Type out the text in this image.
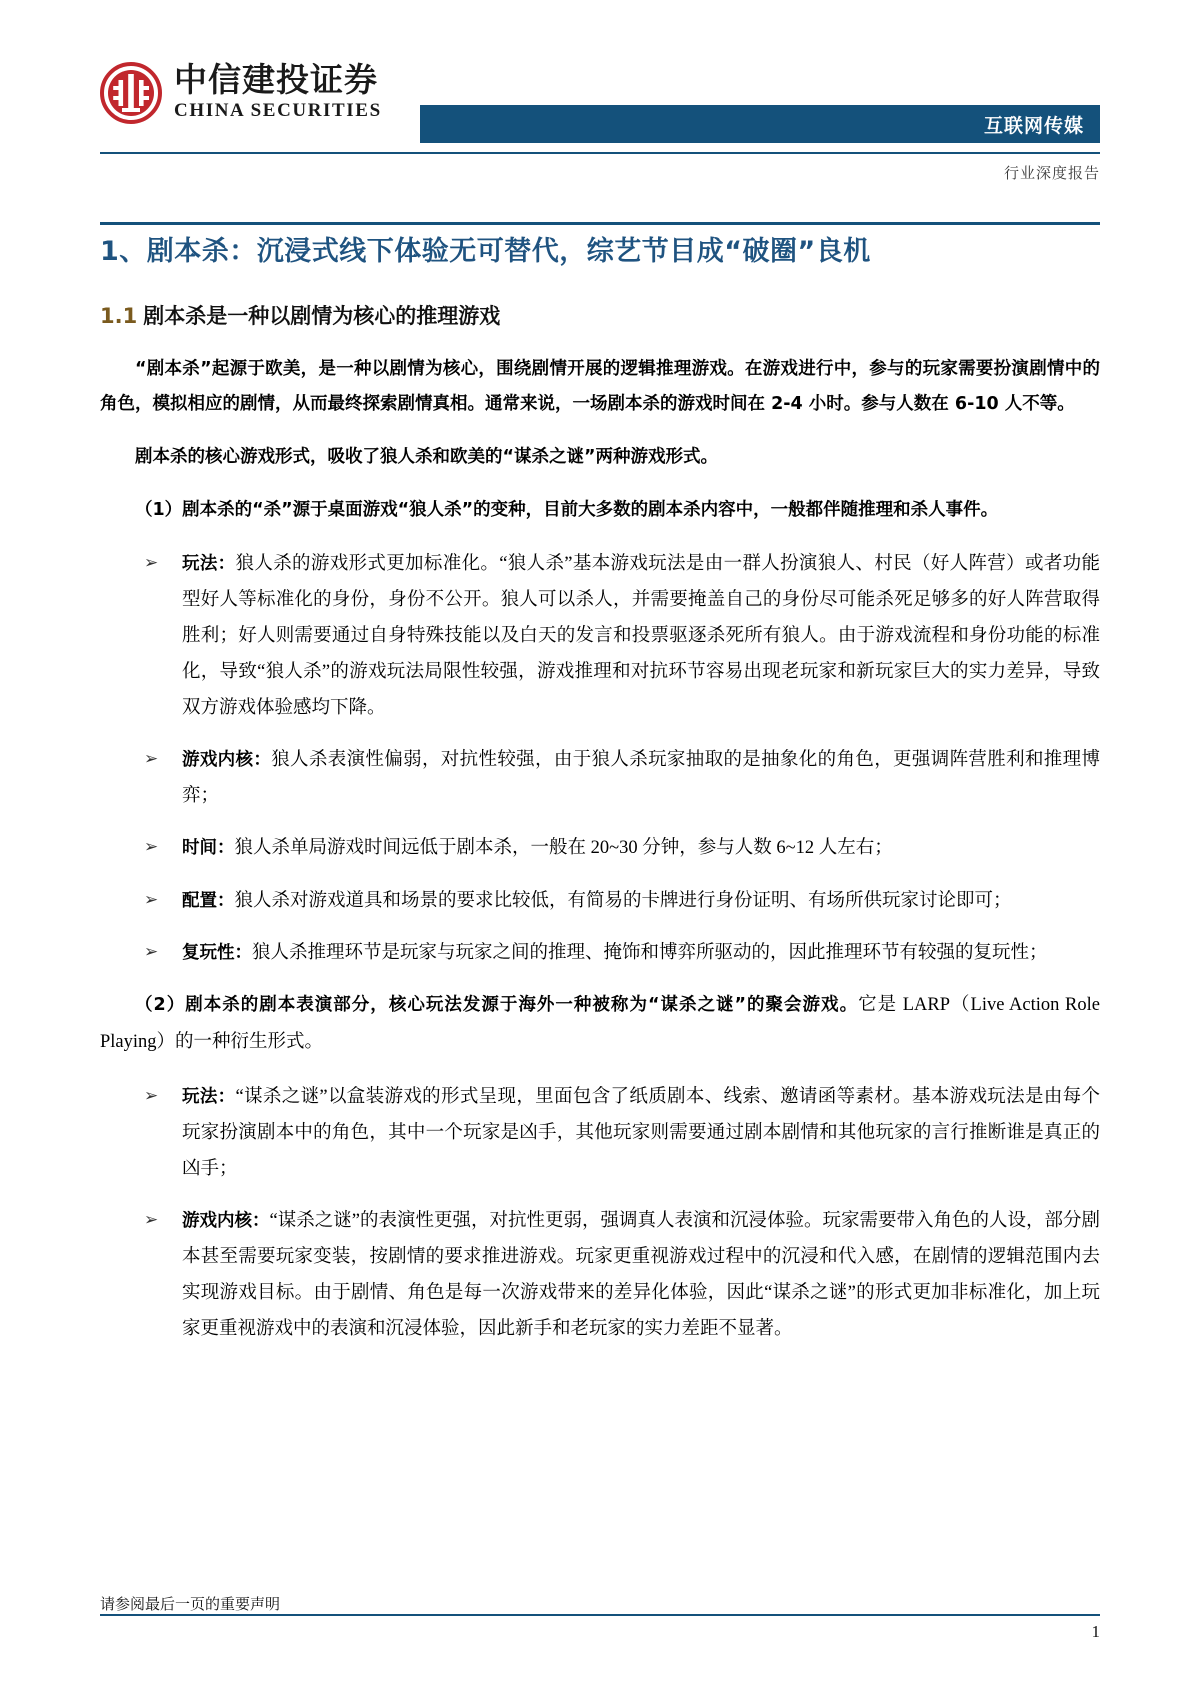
中信建投证券
CHINA SECURITIES
互联网传媒
行业深度报告
1、剧本杀：沉浸式线下体验无可替代，综艺节目成“破圈”良机
1.1 剧本杀是一种以剧情为核心的推理游戏

“剧本杀”起源于欧美，是一种以剧情为核心，围绕剧情开展的逻辑推理游戏。在游戏进行中，参与的玩家需要扮演剧情中的角色，模拟相应的剧情，从而最终探索剧情真相。通常来说，一场剧本杀的游戏时间在 2-4 小时。参与人数在 6-10 人不等。

剧本杀的核心游戏形式，吸收了狼人杀和欧美的“谋杀之谜”两种游戏形式。

（1）剧本杀的“杀”源于桌面游戏“狼人杀”的变种，目前大多数的剧本杀内容中，一般都伴随推理和杀人事件。

➢ 玩法：狼人杀的游戏形式更加标准化。“狼人杀”基本游戏玩法是由一群人扮演狼人、村民（好人阵营）或者功能型好人等标准化的身份，身份不公开。狼人可以杀人，并需要掩盖自己的身份尽可能杀死足够多的好人阵营取得胜利；好人则需要通过自身特殊技能以及白天的发言和投票驱逐杀死所有狼人。由于游戏流程和身份功能的标准化，导致“狼人杀”的游戏玩法局限性较强，游戏推理和对抗环节容易出现老玩家和新玩家巨大的实力差异，导致双方游戏体验感均下降。
➢ 游戏内核：狼人杀表演性偏弱，对抗性较强，由于狼人杀玩家抽取的是抽象化的角色，更强调阵营胜利和推理博弈；
➢ 时间：狼人杀单局游戏时间远低于剧本杀，一般在 20~30 分钟，参与人数 6~12 人左右；
➢ 配置：狼人杀对游戏道具和场景的要求比较低，有简易的卡牌进行身份证明、有场所供玩家讨论即可；
➢ 复玩性：狼人杀推理环节是玩家与玩家之间的推理、掩饰和博弈所驱动的，因此推理环节有较强的复玩性；

（2）剧本杀的剧本表演部分，核心玩法发源于海外一种被称为“谋杀之谜”的聚会游戏。它是 LARP（Live Action Role Playing）的一种衍生形式。

➢ 玩法：“谋杀之谜”以盒装游戏的形式呈现，里面包含了纸质剧本、线索、邀请函等素材。基本游戏玩法是由每个玩家扮演剧本中的角色，其中一个玩家是凶手，其他玩家则需要通过剧本剧情和其他玩家的言行推断谁是真正的凶手；
➢ 游戏内核：“谋杀之谜”的表演性更强，对抗性更弱，强调真人表演和沉浸体验。玩家需要带入角色的人设，部分剧本甚至需要玩家变装，按剧情的要求推进游戏。玩家更重视游戏过程中的沉浸和代入感，在剧情的逻辑范围内去实现游戏目标。由于剧情、角色是每一次游戏带来的差异化体验，因此“谋杀之谜”的形式更加非标准化，加上玩家更重视游戏中的表演和沉浸体验，因此新手和老玩家的实力差距不显著。
请参阅最后一页的重要声明
1
